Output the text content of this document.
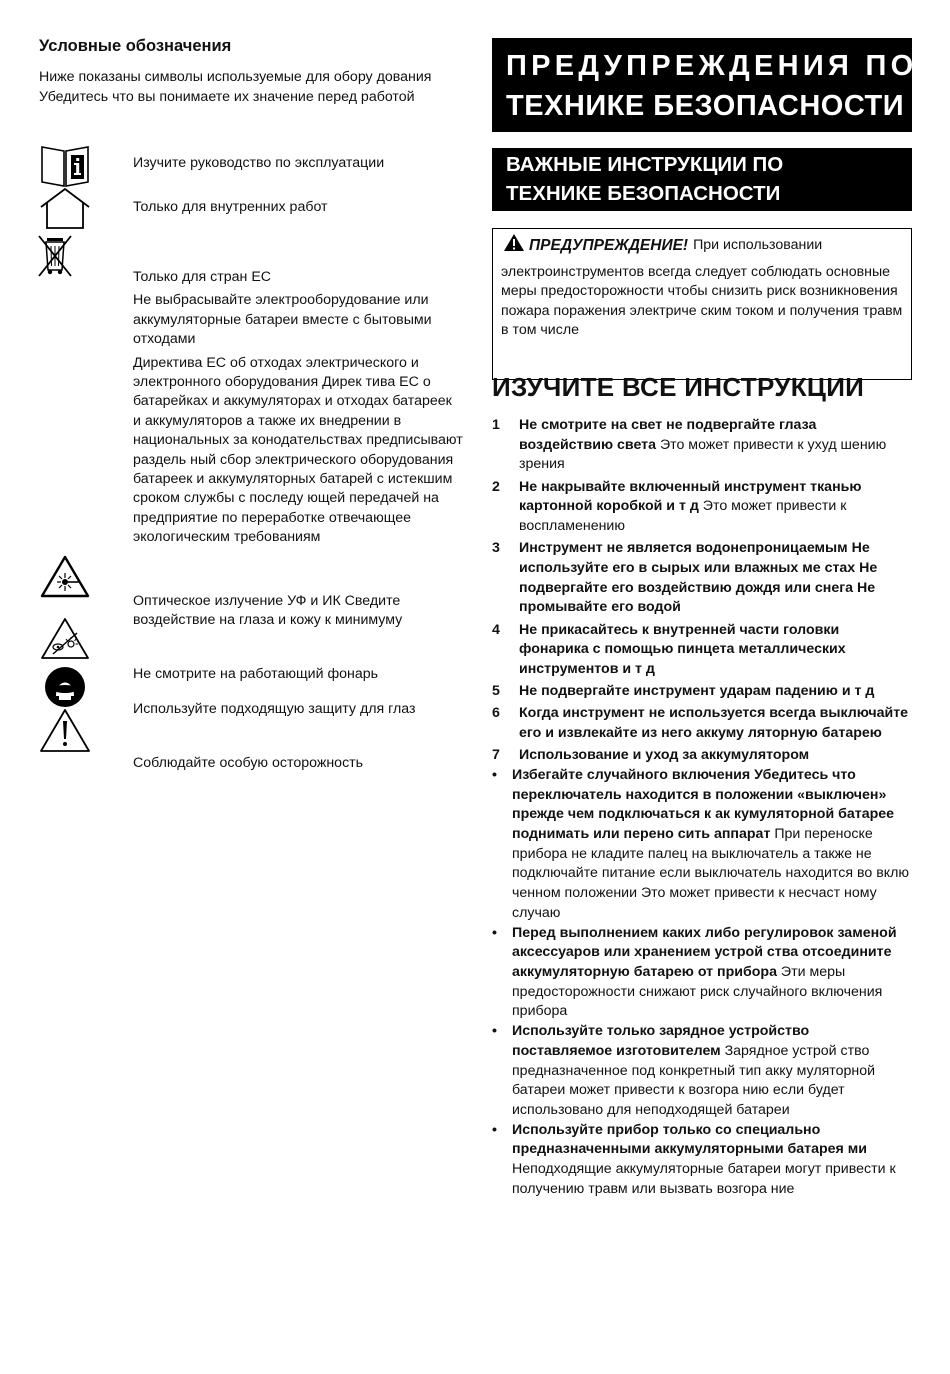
Условные обозначения

Ниже показаны символы используемые для обору дования Убедитесь что вы понимаете их значение перед работой

Изучите руководство по эксплуатации

Только для внутренних работ

Только для стран ЕС

Не выбрасывайте электрооборудование или аккумуляторные батареи вместе с бытовыми отходами

Директива ЕС об отходах электрического и электронного оборудования Дирек тива ЕС о батарейках и аккумуляторах и отходах батареек и аккумуляторов а также их внедрении в национальных за конодательствах предписывают раздель ный сбор электрического оборудования батареек и аккумуляторных батарей с истекшим сроком службы с последу ющей передачей на предприятие по переработке отвечающее экологическим требованиям

Оптическое излучение УФ и ИК Сведите воздействие на глаза и кожу к минимуму

Не смотрите на работающий фонарь

Используйте подходящую защиту для глаз

Соблюдайте особую осторожность

ПРЕДУПРЕЖДЕНИЯ ПО
ТЕХНИКЕ БЕЗОПАСНОСТИ
ВАЖНЫЕ ИНСТРУКЦИИ ПО
ТЕХНИКЕ БЕЗОПАСНОСТИ
ПРЕДУПРЕЖДЕНИЕ! При использовании
электроинструментов всегда следует соблюдать основные меры предосторожности чтобы снизить риск возникновения пожара поражения электриче ским током и получения травм в том числе
ИЗУЧИТЕ ВСЕ ИНСТРУКЦИИ
1 Не смотрите на свет не подвергайте глаза воздействию света Это может привести к ухуд шению зрения
2 Не накрывайте включенный инструмент тканью картонной коробкой и т д Это может привести к воспламенению
3 Инструмент не является водонепроницаемым Не используйте его в сырых или влажных ме стах Не подвергайте его воздействию дождя или снега Не промывайте его водой
4 Не прикасайтесь к внутренней части головки фонарика с помощью пинцета металлических инструментов и т д
5 Не подвергайте инструмент ударам падению и т д
6 Когда инструмент не используется всегда выключайте его и извлекайте из него аккуму ляторную батарею
7 Использование и уход за аккумулятором
• Избегайте случайного включения Убедитесь что переключатель находится в положении «выключен» прежде чем подключаться к ак кумуляторной батарее поднимать или перено сить аппарат При переноске прибора не кладите палец на выключатель а также не подключайте питание если выключатель находится во вклю ченном положении Это может привести к несчаст ному случаю
• Перед выполнением каких либо регулировок заменой аксессуаров или хранением устрой ства отсоедините аккумуляторную батарею от прибора Эти меры предосторожности снижают риск случайного включения прибора
• Используйте только зарядное устройство поставляемое изготовителем Зарядное устрой ство предназначенное под конкретный тип акку муляторной батареи может привести к возгора нию если будет использовано для неподходящей батареи
• Используйте прибор только со специально предназначенными аккумуляторными батарея ми Неподходящие аккумуляторные батареи могут привести к получению травм или вызвать возгора ние
